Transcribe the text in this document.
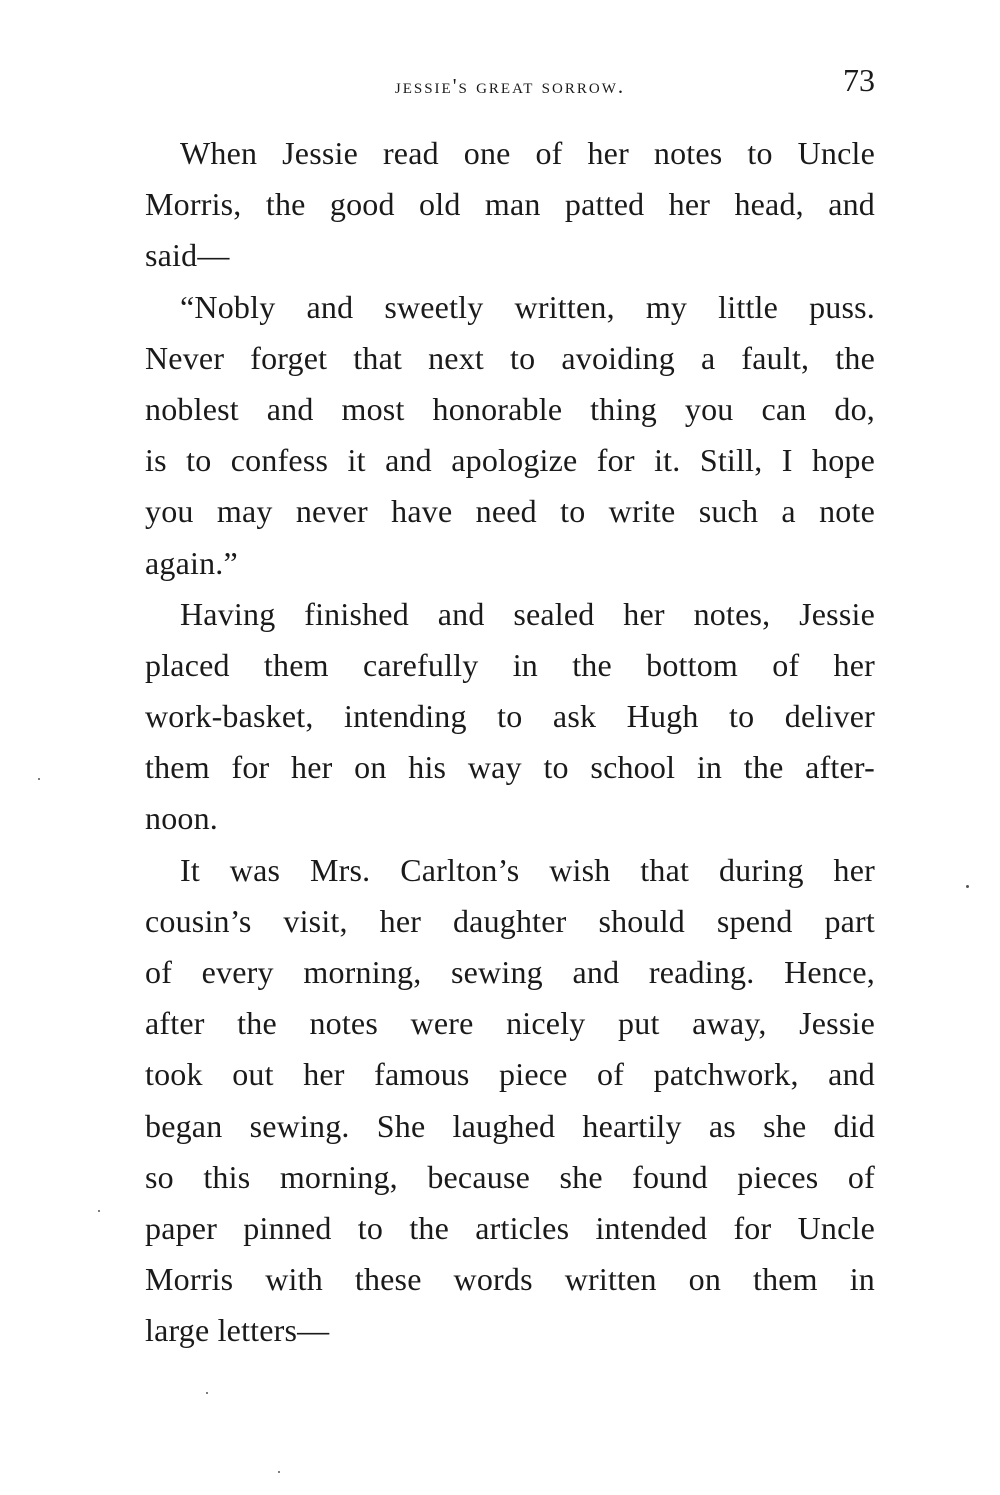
jessie's great sorrow.	73
When Jessie read one of her notes to Uncle
Morris, the good old man patted her head, and
said—
“Nobly and sweetly written, my little puss.
Never forget that next to avoiding a fault, the
noblest and most honorable thing you can do,
is to confess it and apologize for it. Still, I hope
you may never have need to write such a note
again.”
Having finished and sealed her notes, Jessie
placed them carefully in the bottom of her
work-basket, intending to ask Hugh to deliver
them for her on his way to school in the after-
noon.
It was Mrs. Carlton’s wish that during her
cousin’s visit, her daughter should spend part
of every morning, sewing and reading. Hence,
after the notes were nicely put away, Jessie
took out her famous piece of patchwork, and
began sewing. She laughed heartily as she did
so this morning, because she found pieces of
paper pinned to the articles intended for Uncle
Morris with these words written on them in
large letters—
